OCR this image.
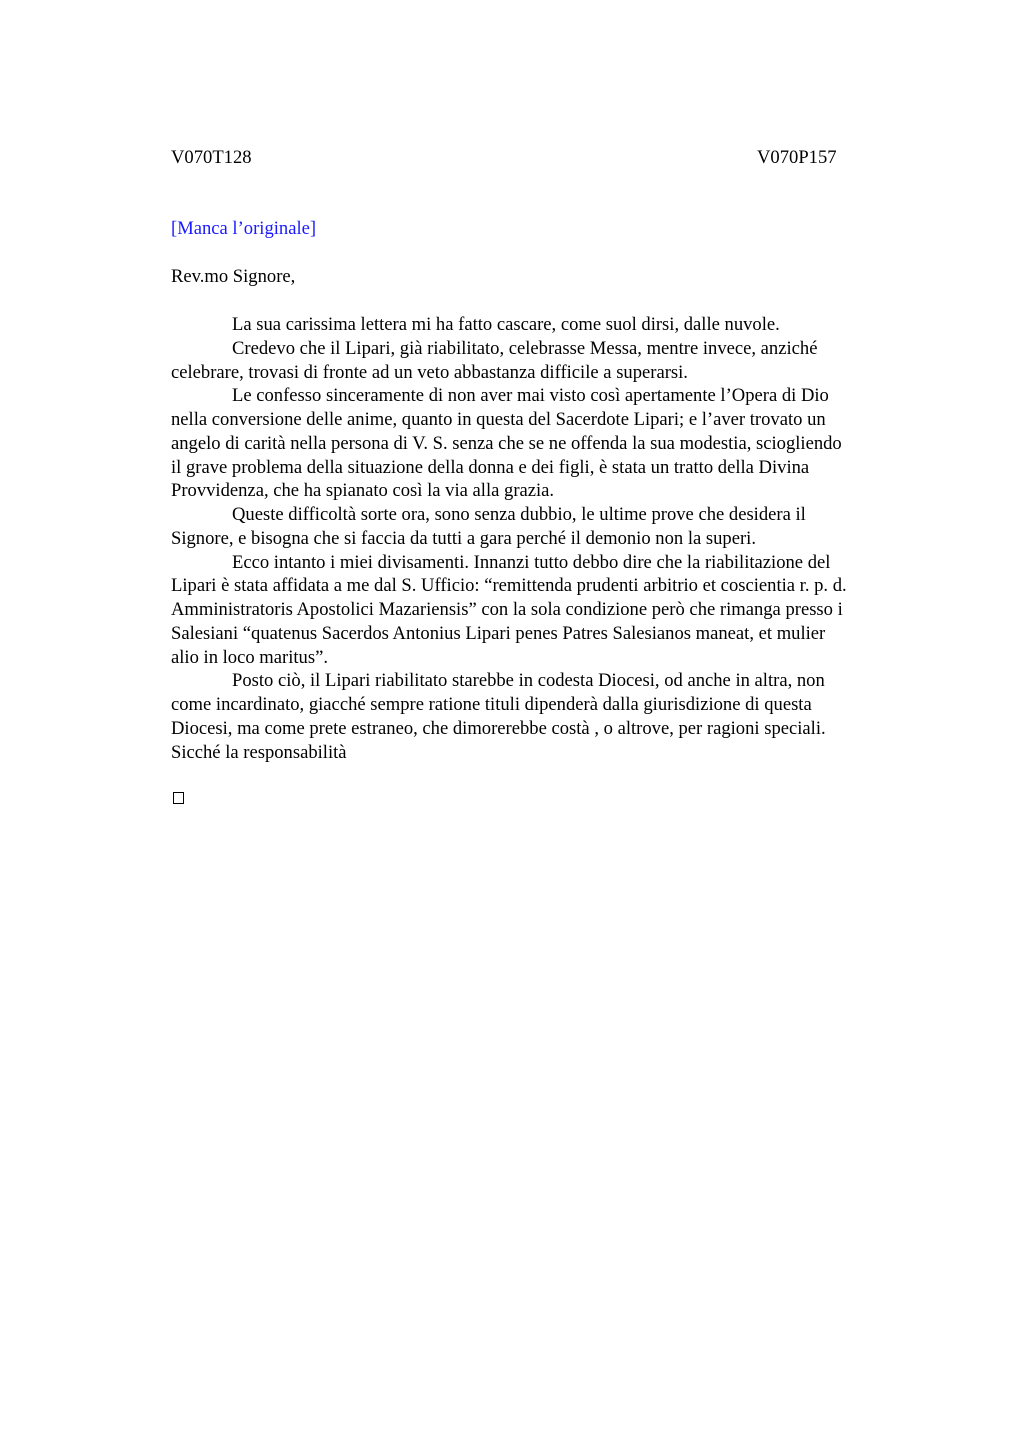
V070T128	V070P157
[Manca l’originale]
Rev.mo Signore,

La sua carissima lettera mi ha fatto cascare, come suol dirsi, dalle nuvole.

Credevo che il Lipari, già riabilitato, celebrasse Messa, mentre invece, anziché
celebrare, trovasi di fronte ad un veto abbastanza difficile a superarsi.

Le confesso sinceramente di non aver mai visto così apertamente l’Opera di Dio
nella conversione delle anime, quanto in questa del Sacerdote Lipari; e l’aver trovato un
angelo di carità nella persona di V. S. senza che se ne offenda la sua modestia, sciogliendo
il grave problema della situazione della donna e dei figli, è stata un tratto della Divina
Provvidenza, che ha spianato così la via alla grazia.

Queste difficoltà sorte ora, sono senza dubbio, le ultime prove che desidera il
Signore, e bisogna che si faccia da tutti a gara perché il demonio non la superi.

Ecco intanto i miei divisamenti. Innanzi tutto debbo dire che la riabilitazione del
Lipari è stata affidata a me dal S. Ufficio: “remittenda prudenti arbitrio et coscientia r. p. d.
Amministratoris Apostolici Mazariensis” con la sola condizione però che rimanga presso i
Salesiani “quatenus Sacerdos Antonius Lipari penes Patres Salesianos maneat, et mulier
alio in loco maritus”.

Posto ciò, il Lipari riabilitato starebbe in codesta Diocesi, od anche in altra, non
come incardinato, giacché sempre ratione tituli dipenderà dalla giurisdizione di questa
Diocesi, ma come prete estraneo, che dimorerebbe costà , o altrove, per ragioni speciali.
Sicché la responsabilità
